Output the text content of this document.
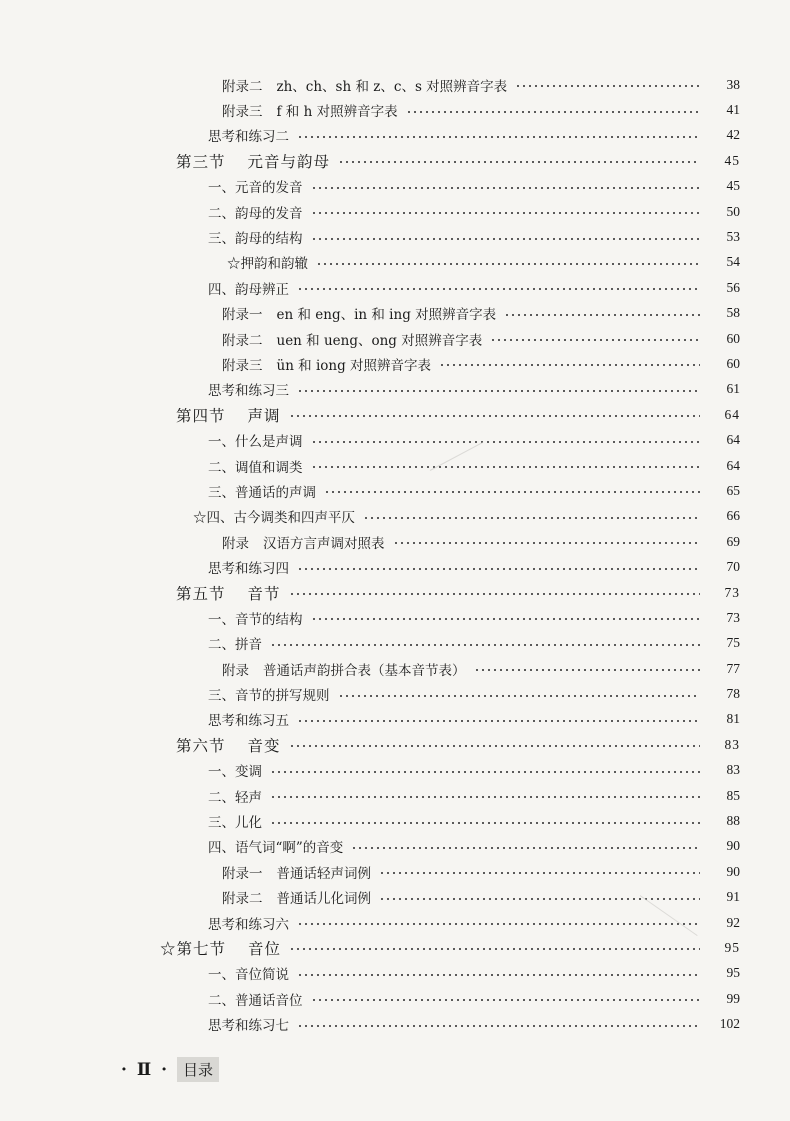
附录二 zh、ch、sh 和 z、c、s 对照辨音字表	38
附录三 f 和 h 对照辨音字表	41
思考和练习二	42
第三节 元音与韵母	45
一、元音的发音	45
二、韵母的发音	50
三、韵母的结构	53
☆押韵和韵辙	54
四、韵母辨正	56
附录一 en 和 eng、in 和 ing 对照辨音字表	58
附录二 uen 和 ueng、ong 对照辨音字表	60
附录三 ün 和 iong 对照辨音字表	60
思考和练习三	61
第四节 声调	64
一、什么是声调	64
二、调值和调类	64
三、普通话的声调	65
☆四、古今调类和四声平仄	66
附录 汉语方言声调对照表	69
思考和练习四	70
第五节 音节	73
一、音节的结构	73
二、拼音	75
附录 普通话声韵拼合表（基本音节表）	77
三、音节的拼写规则	78
思考和练习五	81
第六节 音变	83
一、变调	83
二、轻声	85
三、儿化	88
四、语气词“啊”的音变	90
附录一 普通话轻声词例	90
附录二 普通话儿化词例	91
思考和练习六	92
☆第七节 音位	95
一、音位简说	95
二、普通话音位	99
思考和练习七	102
· Ⅱ · 目录
